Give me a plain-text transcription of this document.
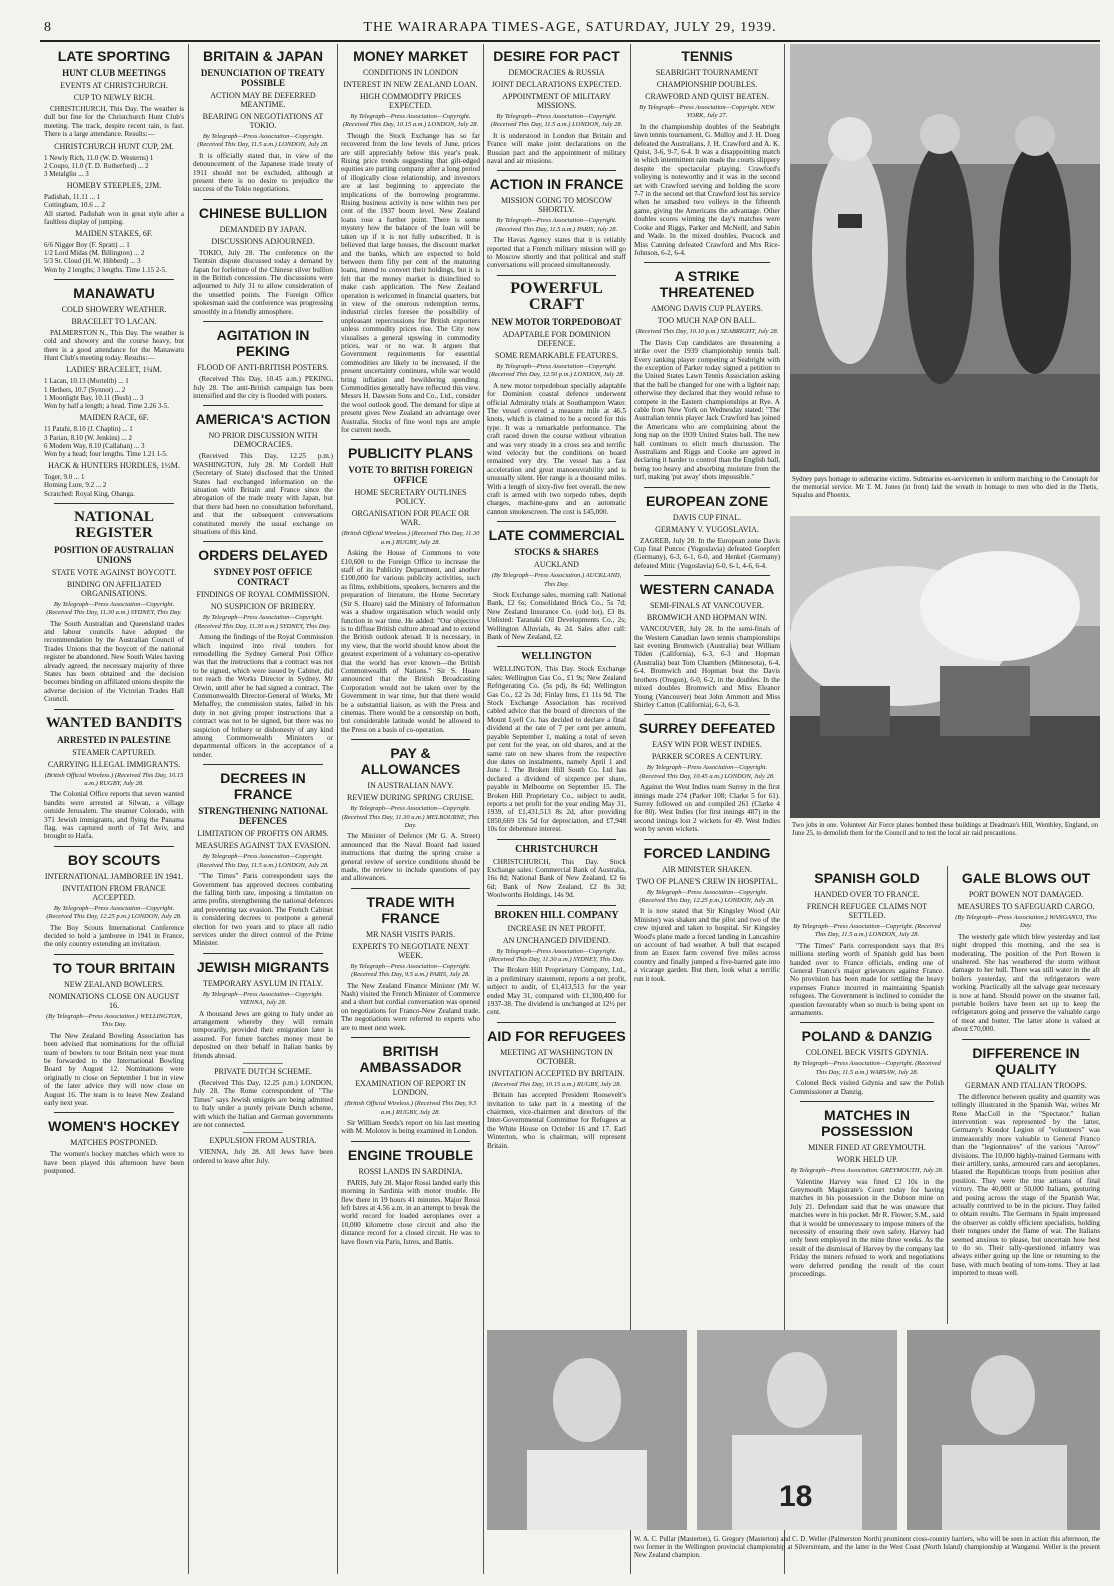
8	THE WAIRARAPA TIMES-AGE, SATURDAY, JULY 29, 1939.
LATE SPORTING
HUNT CLUB MEETINGS
EVENTS AT CHRISTCHURCH.
CUP TO NEWLY RICH.

CHRISTCHURCH, This Day. The weather is dull but fine for the Christchurch Hunt Club's meeting. The track, despite recent rain, is fast. There is a large attendance. Results:—

CHRISTCHURCH HUNT CUP, 2M.
1 Newly Rich, 11.0 (W. D. Westerns) 1
2 Coupo, 11.0 (T. D. Rutherford) ... 2
3 Metalglin ... 3
HOMEBY STEEPLES, 2JM.
Padishah, 11.11 ... 1
Cottingham, 10.6 ... 2
All started. Padishah won in great style after a faultless display of jumping.
MAIDEN STAKES, 6F.
6/6 Nigger Boy (F. Spratt) ... 1
1/2 Lord Midas (M. Billington) ... 2
5/3 St. Cloud (H. W. Hibberd) ... 3
Won by 2 lengths; 3 lengths. Time 1.15 2-5.
MANAWATU
COLD SHOWERY WEATHER.
BRACELET TO LACAN.

PALMERSTON N., This Day. The weather is cold and showery and the course heavy, but there is a good attendance for the Manawatu Hunt Club's meeting today. Results:—

LADIES' BRACELET, 1¼M.
1 Lacan, 10.13 (Mortelth) ... 1
1 Hethers, 10.7 (Synnot) ... 2
1 Moonlight Bay, 10.11 (Bush) ... 3
Won by half a length; a head. Time 2.26 3-5.
MAIDEN RACE, 6F.
11 Patahi, 8.10 (J. Chaplin) ... 1
3 Parian, 8.10 (W. Jenkins) ... 2
6 Modern Way, 8.10 (Callahan) ... 3
Won by a head; four lengths. Time 1.21 1-5.
HACK & HUNTERS HURDLES, 1½M.
Toger, 9.0 ... 1
Homing Lure, 9.2 ... 2
Scratched: Royal King, Ohanga.
NATIONAL REGISTER
POSITION OF AUSTRALIAN UNIONS
STATE VOTE AGAINST BOYCOTT.
BINDING ON AFFILIATED ORGANISATIONS.
By Telegraph—Press Association—Copyright. (Received This Day, 11.30 a.m.) SYDNEY, This Day.

The South Australian and Queensland trades and labour councils have adopted the recommendation by the Australian Council of Trades Unions that the boycott of the national register be abandoned. New South Wales having already agreed, the necessary majority of three States has been obtained and the decision becomes binding on affiliated unions despite the adverse decision of the Victorian Trades Hall Council.

WANTED BANDITS
ARRESTED IN PALESTINE
STEAMER CAPTURED.
CARRYING ILLEGAL IMMIGRANTS.
(British Official Wireless.) (Received This Day, 10.15 a.m.) RUGBY, July 28.

The Colonial Office reports that seven wanted bandits were arrested at Silwan, a village outside Jerusalem. The steamer Colorado, with 371 Jewish immigrants, and flying the Panama flag, was captured north of Tel Aviv, and brought to Haifa.

BOY SCOUTS
INTERNATIONAL JAMBOREE IN 1941.
INVITATION FROM FRANCE ACCEPTED.
By Telegraph—Press Association—Copyright. (Received This Day, 12.25 p.m.) LONDON, July 28.

The Boy Scouts International Conference decided to hold a jamboree in 1941 in France, the only country extending an invitation.

TO TOUR BRITAIN
NEW ZEALAND BOWLERS.
NOMINATIONS CLOSE ON AUGUST 16.
(By Telegraph—Press Association.) WELLINGTON, This Day.

The New Zealand Bowling Association has been advised that nominations for the official team of bowlers to tour Britain next year must be forwarded to the International Bowling Board by August 12. Nominations were originally to close on September 1 but in view of the later advice they will now close on August 16. The team is to leave New Zealand early next year.

WOMEN'S HOCKEY
MATCHES POSTPONED.

The women's hockey matches which were to have been played this afternoon have been postponed.

BRITAIN & JAPAN
DENUNCIATION OF TREATY POSSIBLE
ACTION MAY BE DEFERRED MEANTIME.
BEARING ON NEGOTIATIONS AT TOKIO.
By Telegraph—Press Association—Copyright. (Received This Day, 11.5 a.m.) LONDON, July 28.

It is officially stated that, in view of the denouncement of the Japanese trade treaty of 1911 should not be excluded, although at present there is no desire to prejudice the success of the Tokio negotiations.

CHINESE BULLION
DEMANDED BY JAPAN.
DISCUSSIONS ADJOURNED.

TOKIO, July 28. The conference on the Tientsin dispute discussed today a demand by Japan for forfeiture of the Chinese silver bullion in the British concession. The discussions were adjourned to July 31 to allow consideration of the unsettled points. The Foreign Office spokesman said the conference was progressing smoothly in a friendly atmosphere.

AGITATION IN PEKING
FLOOD OF ANTI-BRITISH POSTERS.

(Received This Day, 10.45 a.m.) PEKING, July 28. The anti-British campaign has been intensified and the city is flooded with posters.

AMERICA'S ACTION
NO PRIOR DISCUSSION WITH DEMOCRACIES.

(Received This Day, 12.25 p.m.) WASHINGTON, July 28. Mr Cordell Hull (Secretary of State) disclosed that the United States had exchanged information on the situation with Britain and France since the abrogation of the trade treaty with Japan, but that there had been no consultation beforehand, and that the subsequent conversations constituted merely the usual exchange on situations of this kind.

ORDERS DELAYED
SYDNEY POST OFFICE CONTRACT
FINDINGS OF ROYAL COMMISSION.
NO SUSPICION OF BRIBERY.
By Telegraph—Press Association—Copyright. (Received This Day, 11.30 a.m.) SYDNEY, This Day.

Among the findings of the Royal Commission which inquired into rival tenders for remodelling the Sydney General Post Office was that the instructions that a contract was not to be signed, which were issued by Cabinet, did not reach the Works Director in Sydney, Mr Orwin, until after he had signed a contract. The Commonwealth Director-General of Works, Mr Mehaffey, the commission states, failed in his duty in not giving proper instructions that a contract was not to be signed, but there was no suspicion of bribery or dishonesty of any kind among Commonwealth Ministers or departmental officers in the acceptance of a tender.

DECREES IN FRANCE
STRENGTHENING NATIONAL DEFENCES
LIMITATION OF PROFITS ON ARMS.
MEASURES AGAINST TAX EVASION.
By Telegraph—Press Association—Copyright. (Received This Day, 11.5 a.m.) LONDON, July 28.

"The Times" Paris correspondent says the Government has approved decrees combating the falling birth rate, imposing a limitation on arms profits, strengthening the national defences and preventing tax evasion. The French Cabinet is considering decrees to postpone a general election for two years and to place all radio services under the direct control of the Prime Minister.

JEWISH MIGRANTS
TEMPORARY ASYLUM IN ITALY.
By Telegraph—Press Association—Copyright. VIENNA, July 28.

A thousand Jews are going to Italy under an arrangement whereby they will remain temporarily, provided their emigration later is assured. For future batches money must be deposited on their behalf in Italian banks by friends abroad.

PRIVATE DUTCH SCHEME.

(Received This Day, 12.25 p.m.) LONDON, July 28. The Rome correspondent of "The Times" says Jewish emigrés are being admitted to Italy under a purely private Dutch scheme, with which the Italian and German governments are not connected.

EXPULSION FROM AUSTRIA.

VIENNA, July 28. All Jews have been ordered to leave after July.

MONEY MARKET
CONDITIONS IN LONDON
INTEREST IN NEW ZEALAND LOAN.
HIGH COMMODITY PRICES EXPECTED.
By Telegraph—Press Association—Copyright. (Received This Day, 10.15 a.m.) LONDON, July 28.

Though the Stock Exchange has so far recovered from the low levels of June, prices are still appreciably below this year's peak. Rising price trends suggesting that gilt-edged equities are parting company after a long period of illogically close relationship, and investors are at last beginning to appreciate the implications of the borrowing programme. Rising business activity is now within two per cent of the 1937 boom level. New Zealand loans rose a further point. There is some mystery how the balance of the loan will be taken up if it is not fully subscribed. It is believed that large houses, the discount market and the banks, which are expected to hold between them fifty per cent of the maturing loans, intend to convert their holdings, but it is felt that the money market is disinclined to make cash application. The New Zealand operation is welcomed in financial quarters, but in view of the onerous redemption terms, industrial circles foresee the possibility of unpleasant repercussions for British exporters unless commodity prices rise. The City now visualises a general upswing in commodity prices, war or no war. It argues that Government requirements for essential commodities are likely to be increased, if the present uncertainty continues, while war would bring inflation and bewildering spending. Commodities generally have reflected this view. Messrs H. Dawson Sons and Co., Ltd., consider the wool outlook good. The demand for slipe at present gives New Zealand an advantage over Australia. Stocks of fine wool tops are ample for current needs.

PUBLICITY PLANS
VOTE TO BRITISH FOREIGN OFFICE
HOME SECRETARY OUTLINES POLICY.
ORGANISATION FOR PEACE OR WAR.
(British Official Wireless.) (Received This Day, 11.30 a.m.) RUGBY, July 28.

Asking the House of Commons to vote £10,600 to the Foreign Office to increase the staff of its Publicity Department, and another £100,000 for various publicity activities, such as films, exhibitions, speakers, lecturers and the preparation of literature, the Home Secretary (Sir S. Hoare) said the Ministry of Information was a shadow organisation which would only function in war time. He added: "Our objective is to diffuse British culture abroad and to extend the British outlook abroad. It is necessary, in my view, that the world should know about the greatest experiment of a voluntary co-operative that the world has ever known—the British Commonwealth of Nations." Sir S. Hoare announced that the British Broadcasting Corporation would not be taken over by the Government in war time, but that there would be a substantial liaison, as with the Press and cinemas. There would be a censorship on both, but considerable latitude would be allowed to the Press on a basis of co-operation.

PAY & ALLOWANCES
IN AUSTRALIAN NAVY.
REVIEW DURING SPRING CRUISE.
By Telegraph—Press Association—Copyright. (Received This Day, 11.30 a.m.) MELBOURNE, This Day.

The Minister of Defence (Mr G. A. Street) announced that the Naval Board had issued instructions that during the spring cruise a general review of service conditions should be made, the review to include questions of pay and allowances.

TRADE WITH FRANCE
MR NASH VISITS PARIS.
EXPERTS TO NEGOTIATE NEXT WEEK.
By Telegraph—Press Association—Copyright. (Received This Day, 9.5 a.m.) PARIS, July 28.

The New Zealand Finance Minister (Mr W. Nash) visited the French Minister of Commerce and a short but cordial conversation was opened on negotiations for Franco-New Zealand trade. The negotiations were referred to experts who are to meet next week.

BRITISH AMBASSADOR
EXAMINATION OF REPORT IN LONDON.
(British Official Wireless.) (Received This Day, 9.5 a.m.) RUGBY, July 28.

Sir William Seeds's report on his last meeting with M. Molotov is being examined in London.

ENGINE TROUBLE
ROSSI LANDS IN SARDINIA.

PARIS, July 28. Major Rossi landed early this morning in Sardinia with motor trouble. He flew there in 19 hours 41 minutes. Major Rossi left Istres at 4.56 a.m. in an attempt to break the world record for loaded aeroplanes over a 10,000 kilometre close circuit and also the distance record for a closed circuit. He was to have flown via Paris, Istres, and Battis.

DESIRE FOR PACT
DEMOCRACIES & RUSSIA
JOINT DECLARATIONS EXPECTED.
APPOINTMENT OF MILITARY MISSIONS.
By Telegraph—Press Association—Copyright. (Received This Day, 11.5 a.m.) LONDON, July 28.

It is understood in London that Britain and France will make joint declarations on the Russian pact and the appointment of military naval and air missions.

ACTION IN FRANCE
MISSION GOING TO MOSCOW SHORTLY.
By Telegraph—Press Association—Copyright. (Received This Day, 11.5 a.m.) PARIS, July 28.

The Havas Agency states that it is reliably reported that a French military mission will go to Moscow shortly and that political and staff conversations will proceed simultaneously.

POWERFUL CRAFT
NEW MOTOR TORPEDOBOAT
ADAPTABLE FOR DOMINION DEFENCE.
SOME REMARKABLE FEATURES.
By Telegraph—Press Association—Copyright. (Received This Day, 12.50 p.m.) LONDON, July 28.

A new motor torpedoboat specially adaptable for Dominion coastal defence underwent official Admiralty trials at Southampton Water. The vessel covered a measure mile at 46.5 knots, which is claimed to be a record for this type. It was a remarkable performance. The craft raced down the course without vibration and was very steady in a cross sea and terrific wind velocity but the conditions on board remained very dry. The vessel has a fast acceleration and great manoeuvrability and is unusually silent. Her range is a thousand miles. With a length of sixty-five feet overall, the new craft is armed with two torpedo tubes, depth charges, machine-guns and an automatic cannon smokescreen. The cost is £45,000.

LATE COMMERCIAL
STOCKS & SHARES
AUCKLAND
(By Telegraph—Press Association.) AUCKLAND, This Day.

Stock Exchange sales, morning call: National Bank, £2 6s; Consolidated Brick Co., 5s 7d; New Zealand Insurance Co. (odd lot), £3 8s. Unlisted: Taranaki Oil Developments Co., 2s; Wellington Alluvials, 4s 2d. Sales after call: Bank of New Zealand, £2.

WELLINGTON

WELLINGTON, This Day. Stock Exchange sales: Wellington Gas Co., £1 9s; New Zealand Refrigerating Co. (5s pd), 8s 6d; Wellington Gas Co., £2 2s 3d; Finlay Inns, £1 11s 9d. The Stock Exchange Association has received cabled advice that the board of directors of the Mount Lyell Co. has decided to declare a final dividend at the rate of 7 per cent per annum, payable September 1, making a total of seven per cent for the year, on old shares, and at the same rate on new shares from the respective due dates on instalments, namely April 1 and June 1. The Broken Hill South Co. Ltd has declared a dividend of sixpence per share, payable in Melbourne on September 15. The Broken Hill Proprietary Co., subject to audit, reports a net profit for the year ending May 31, 1939, of £1,431,513 8s 2d, after providing £850,669 13s 5d for depreciation, and £7,948 10s for debenture interest.

CHRISTCHURCH

CHRISTCHURCH, This Day. Stock Exchange sales: Commercial Bank of Australia, 16s 8d; National Bank of New Zealand, £2 6s 6d; Bank of New Zealand, £2 8s 3d; Woolworths Holdings, 14s 9d.

BROKEN HILL COMPANY
INCREASE IN NET PROFIT.
AN UNCHANGED DIVIDEND.
By Telegraph—Press Association—Copyright. (Received This Day, 11.30 a.m.) SYDNEY, This Day.

The Broken Hill Proprietary Company, Ltd., in a preliminary statement, reports a net profit, subject to audit, of £1,413,513 for the year ended May 31, compared with £1,300,400 for 1937-38. The dividend is unchanged at 12½ per cent.

AID FOR REFUGEES
MEETING AT WASHINGTON IN OCTOBER.
INVITATION ACCEPTED BY BRITAIN.
(Received This Day, 10.15 a.m.) RUGBY, July 28.

Britain has accepted President Roosevelt's invitation to take part in a meeting of the chairmen, vice-chairmen and directors of the Inter-Governmental Committee for Refugees at the White House on October 16 and 17. Earl Winterton, who is chairman, will represent Britain.

TENNIS
SEABRIGHT TOURNAMENT
CHAMPIONSHIP DOUBLES.
CRAWFORD AND QUIST BEATEN.
By Telegraph—Press Association—Copyright. NEW YORK, July 27.

In the championship doubles of the Seabright lawn tennis tournament, G. Mulloy and J. H. Doeg defeated the Australians, J. H. Crawford and A. K. Quist, 3-6, 9-7, 6-4. It was a disappointing match in which intermittent rain made the courts slippery despite the spectacular playing. Crawford's volleying is noteworthy and it was in the second set with Crawford serving and holding the score 7-7 in the second set that Crawford lost his service when he smashed two volleys in the fifteenth game, giving the Americans the advantage. Other doubles scores winning the day's matches were Cooke and Riggs, Parker and McNeill, and Sabin and Wade. In the mixed doubles, Peacock and Miss Canning defeated Crawford and Mrs Rice-Johnson, 6-2, 6-4.

A STRIKE THREATENED
AMONG DAVIS CUP PLAYERS.
TOO MUCH NAP ON BALL.
(Received This Day, 10.10 p.m.) SEABRIGHT, July 28.

The Davis Cup candidates are threatening a strike over the 1939 championship tennis ball. Every ranking player competing at Seabright with the exception of Parker today signed a petition to the United States Lawn Tennis Association asking that the ball be changed for one with a lighter nap; otherwise they declared that they would refuse to compete in the Eastern championships at Rye. A cable from New York on Wednesday stated: "The Australian tennis player Jack Crawford has joined the Americans who are complaining about the long nap on the 1939 United States ball. The new ball continues to elicit much discussion. The Australians and Riggs and Cooke are agreed in declaring it harder to control than the English ball, being too heavy and absorbing moisture from the turf, making 'put away' shots impossible."

EUROPEAN ZONE
DAVIS CUP FINAL.
GERMANY V. YUGOSLAVIA.

ZAGREB, July 28. In the European zone Davis Cup final Puncec (Yugoslavia) defeated Goepfert (Germany), 6-3, 6-1, 6-0, and Henkel (Germany) defeated Mitic (Yugoslavia) 6-0, 6-1, 4-6, 6-4.

WESTERN CANADA
SEMI-FINALS AT VANCOUVER.
BROMWICH AND HOPMAN WIN.

VANCOUVER, July 28. In the semi-finals of the Western Canadian lawn tennis championships last evening Bromwich (Australia) beat William Tilden (California), 6-3, 6-3 and Hopman (Australia) beat Tom Chambers (Minnesota), 6-4, 6-4. Bromwich and Hopman beat the Davis brothers (Oregon), 6-0, 6-2, in the doubles. In the mixed doubles Bromwich and Miss Eleanor Young (Vancouver) beat John Ammott and Miss Shirley Catton (California), 6-3, 6-3.

SURREY DEFEATED
EASY WIN FOR WEST INDIES.
PARKER SCORES A CENTURY.
By Telegraph—Press Association—Copyright. (Received This Day, 10.45 a.m.) LONDON, July 28.

Against the West Indies team Surrey in the first innings made 274 (Parker 108; Clarke 5 for 61). Surrey followed on and compiled 261 (Clarke 4 for 80). West Indies (for first innings 487) in the second innings lost 2 wickets for 49. West Indies won by seven wickets.

FORCED LANDING
AIR MINISTER SHAKEN.
TWO OF PLANE'S CREW IN HOSPITAL.
By Telegraph—Press Association—Copyright. (Received This Day, 12.25 p.m.) LONDON, July 28.

It is now stated that Sir Kingsley Wood (Air Minister) was shaken and the pilot and two of the crew injured and taken to hospital. Sir Kingsley Wood's plane made a forced landing in Lancashire on account of bad weather. A bull that escaped from an Essex farm covered five miles across country and finally jumped a five-barred gate into a vicarage garden. But then, look what a terrific run it took.

Sydney pays homage to submarine victims. Submarine ex-servicemen in uniform marching to the Cenotaph for the memorial service. Mr T. M. Jones (in front) laid the wreath in homage to men who died in the Thetis, Squalus and Phoenix.
Two jobs in one. Volunteer Air Force planes bombed these buildings at Deadman's Hill, Wembley, England, on June 25, to demolish them for the Council and to test the local air raid precautions.
SPANISH GOLD
HANDED OVER TO FRANCE.
FRENCH REFUGEE CLAIMS NOT SETTLED.
By Telegraph—Press Association—Copyright. (Received This Day, 11.5 a.m.) LONDON, July 28.

"The Times" Paris correspondent says that 8½ millions sterling worth of Spanish gold has been handed over to France officials, ending one of General Franco's major grievances against France. No provision has been made for settling the heavy expenses France incurred in maintaining Spanish refugees. The Government is inclined to consider the question favourably when so much is being spent on armaments.

POLAND & DANZIG
COLONEL BECK VISITS GDYNIA.
By Telegraph—Press Association—Copyright. (Received This Day, 11.5 a.m.) WARSAW, July 28.

Colonel Beck visited Gdynia and saw the Polish Commissioner at Danzig.

MATCHES IN POSSESSION
MINER FINED AT GREYMOUTH.
WORK HELD UP.
By Telegraph—Press Association. GREYMOUTH, July 28.

Valentine Harvey was fined £2 10s in the Greymouth Magistrate's Court today for having matches in his possession in the Dobson mine on July 21. Defendant said that he was unaware that matches were in his pocket. Mr R. Flower, S.M., said that it would be unnecessary to impose miners of the necessity of ensuring their own safety. Harvey had only been employed in the mine three weeks. As the result of the dismissal of Harvey by the company last Friday the miners refused to work and negotiations were deferred pending the result of the court proceedings.

GALE BLOWS OUT
PORT BOWEN NOT DAMAGED.
MEASURES TO SAFEGUARD CARGO.
(By Telegraph—Press Association.) WANGANUI, This Day.

The westerly gale which blew yesterday and last night dropped this morning, and the sea is moderating. The position of the Port Bowen is unaltered. She has weathered the storm without damage to her hull. There was still water in the aft boilers yesterday, and the refrigerators were working. Practically all the salvage gear necessary is now at hand. Should power on the steamer fail, portable boilers have been set up to keep the refrigerators going and preserve the valuable cargo of meat and butter. The latter alone is valued at about £70,000.

DIFFERENCE IN QUALITY
GERMAN AND ITALIAN TROOPS.

The difference between quality and quantity was tellingly illustrated in the Spanish War, writes Mr Rene MacColl in the "Spectator." Italian intervention was represented by the latter, Germany's Kondor Legion of "volunteers" was immeasurably more valuable to General Franco than the "legionnaires" of the various "Arrow" divisions. The 10,000 highly-trained Germans with their artillery, tanks, armoured cars and aeroplanes, blasted the Republican troops from position after position. They were the true artisans of final victory. The 40,000 or 50,000 Italians, gesturing and posing across the stage of the Spanish War, actually contrived to be in the picture. They failed to obtain results. The Germans in Spain impressed the observer as coldly efficient specialists, holding their tongues under the flame of war. The Italians seemed anxious to please, but uncertain how best to do so. Their tally-questioned infantry was always either going up the line or returning to the base, with much beating of tom-toms. They at last imported to mean well.

18
W. A. C. Pullar (Masterton), G. Gregory (Masterton) and C. D. Weller (Palmerston North) prominent cross-country harriers, who will be seen in action this afternoon, the two former in the Wellington provincial championship at Silverstream, and the latter in the West Coast (North Island) championship at Wanganui. Weller is the present New Zealand champion.
